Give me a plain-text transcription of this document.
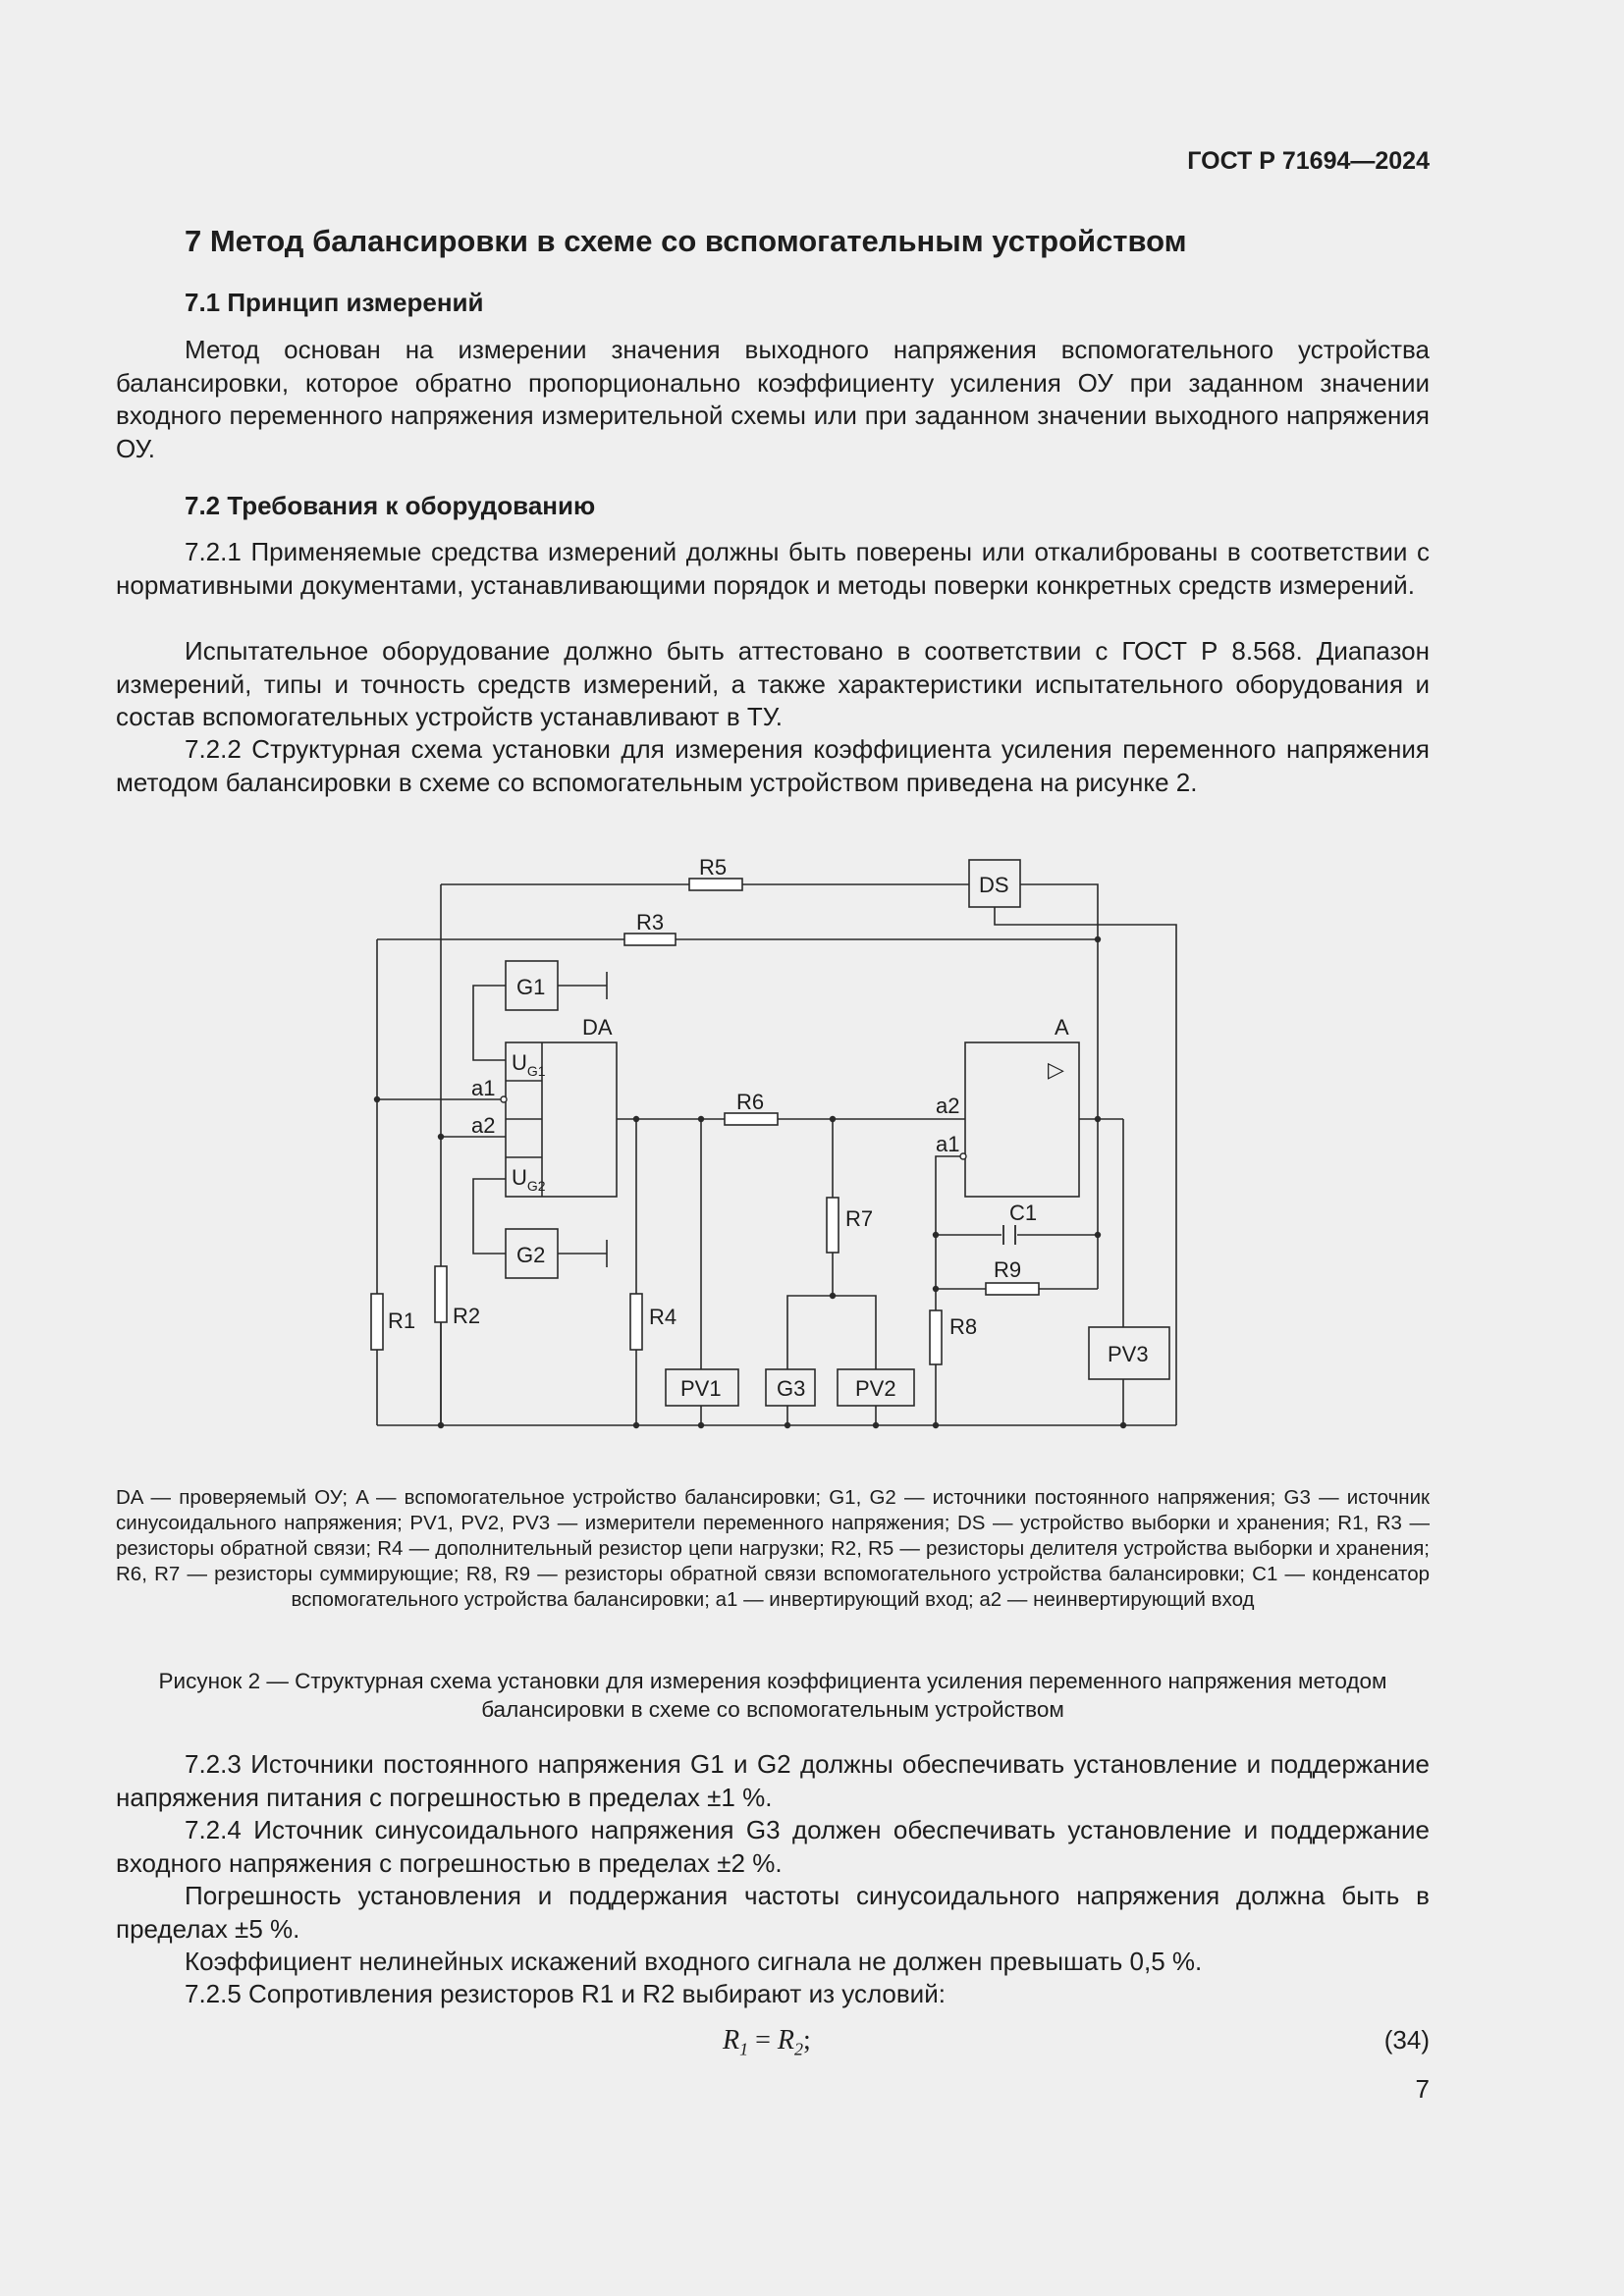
ГОСТ Р 71694—2024
7 Метод балансировки в схеме со вспомогательным устройством
7.1 Принцип измерений

Метод основан на измерении значения выходного напряжения вспомогательного устройства балансировки, которое обратно пропорционально коэффициенту усиления ОУ при заданном значении входного переменного напряжения измерительной схемы или при заданном значении выходного напряжения ОУ.

7.2 Требования к оборудованию

7.2.1 Применяемые средства измерений должны быть поверены или откалиброваны в соответствии с нормативными документами, устанавливающими порядок и методы поверки конкретных средств измерений.

Испытательное оборудование должно быть аттестовано в соответствии с ГОСТ Р 8.568. Диапазон измерений, типы и точность средств измерений, а также характеристики испытательного оборудования и состав вспомогательных устройств устанавливают в ТУ.

7.2.2 Структурная схема установки для измерения коэффициента усиления переменного напряжения методом балансировки в схеме со вспомогательным устройством приведена на рисунке 2.

R5
R3
R6
R1 R2	R4
R7
R8
R9
C1
DS
G1
G2
G3
PV1	PV2
PV3
DA	A
a1
a2
a2
a1
▷
$U_{G1}$
$U_{G2}$

DA — проверяемый ОУ; A — вспомогательное устройство балансировки; G1, G2 — источники постоянного напряжения; G3 — источник синусоидального напряжения; PV1, PV2, PV3 — измерители переменного напряжения; DS — устройство выборки и хранения; R1, R3 — резисторы обратной связи; R4 — дополнительный резистор цепи нагрузки; R2, R5 — резисторы делителя устройства выборки и хранения; R6, R7 — резисторы суммирующие; R8, R9 — резисторы обратной связи вспомогательного устройства балансировки; C1 — конденсатор вспомогательного устройства балансировки; a1 — инвертирующий вход; a2 — неинвертирующий вход

Рисунок 2 — Структурная схема установки для измерения коэффициента усиления переменного напряжения методом балансировки в схеме со вспомогательным устройством

7.2.3 Источники постоянного напряжения G1 и G2 должны обеспечивать установление и поддержание напряжения питания с погрешностью в пределах ±1 %.

7.2.4 Источник синусоидального напряжения G3 должен обеспечивать установление и поддержание входного напряжения с погрешностью в пределах ±2 %.

Погрешность установления и поддержания частоты синусоидального напряжения должна быть в пределах ±5 %.

Коэффициент нелинейных искажений входного сигнала не должен превышать 0,5 %.

7.2.5 Сопротивления резисторов R1 и R2 выбирают из условий:

$R_1 = R_2$;	(34)
7
